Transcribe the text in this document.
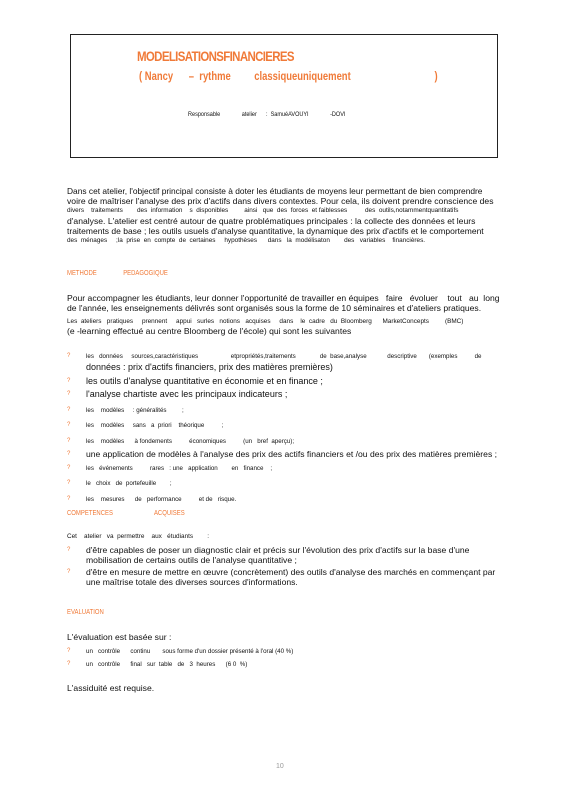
MODELISATIONSFINANCIERES
( Nancy      –  rythme         classiqueuniquement                                )
Responsable              atelier      :  SamuéAVOUYI              -DOVI
Dans cet atelier, l'objectif principal consiste à doter les étudiants de moyens leur permettant de bien comprendre
voire de maîtriser l'analyse des prix d'actifs dans divers contextes. Pour cela, ils doivent prendre conscience des
divers    traitements        des  information    s  disponibles         ainsi   que  des  forces  et faiblesses          des  outils,notammentquantitatifs
d'analyse. L'atelier est centré autour de quatre problématiques principales : la collecte des données et leurs
traitements de base ; les outils usuels d'analyse quantitative, la dynamique des prix d'actifs et le comportement
des  ménages     ;la  prise  en  compte  de  certaines     hypothèses      dans   la  modélisaton        des   variables    financières.
METHODE                PEDAGOGIQUE
Pour accompagner les étudiants, leur donner l'opportunité de travailler en équipes   faire   évoluer    tout   au  long
de l'année, les enseignements délivrés sont organisés sous la forme de 10 séminaires et d'ateliers pratiques.
Les  ateliers   pratiques     prennent     appui   surles   notions   acquises     dans    le  cadre   du  Bloomberg      MarketConcepts         (BMC)
(e -learning effectué au centre Bloomberg de l'école) qui sont les suivantes
?	les   données     sources,caractéristiques                   etpropriétés,traitements              de  base,analyse            descriptive       (exemples          de
données : prix d'actifs financiers, prix des matières premières)
? les outils d'analyse quantitative en économie et en finance ;
? l'analyse chartiste avec les principaux indicateurs ;
?	les    modèles     : généralités         ;
?	les    modèles     sans   a  priori    théorique          ;
?	les    modèles      à fondements          économiques          (un   bref  aperçu);
? une application de modèles à l'analyse des prix des actifs financiers et /ou des prix des matières premières ;
?	les   événements          rares   : une   application        en   finance    ;
?	le   choix   de  portefeuille        ;
?	les    mesures      de   performance          et de   risque.
COMPETENCES                         ACQUISES
Cet    atelier   va  permettre    aux   étudiants        :
? d'être capables de poser un diagnostic clair et précis sur l'évolution des prix d'actifs sur la base d'une
mobilisation de certains outils de l'analyse quantitative ;
? d'être en mesure de mettre en œuvre (concrètement) des outils d'analyse des marchés en commençant par
une maîtrise totale des diverses sources d'informations.
EVALUATION
L'évaluation est basée sur :
?	un   contrôle      continu       sous forme d'un dossier présenté à l'oral (40 %)
?	un   contrôle      final   sur  table   de   3  heures      (6 0  %)
L'assiduité est requise.
10
